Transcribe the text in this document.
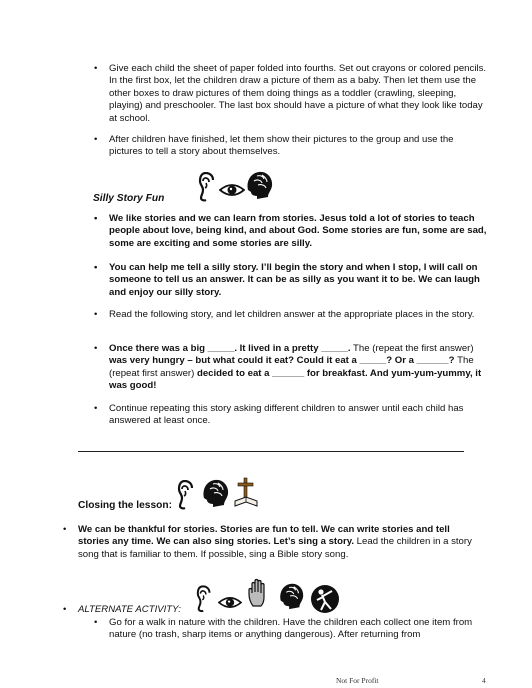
• Give each child the sheet of paper folded into fourths. Set out crayons or colored pencils. In the first box, let the children draw a picture of them as a baby. Then let them use the other boxes to draw pictures of them doing things as a toddler (crawling, sleeping, playing) and preschooler. The last box should have a picture of what they look like today at school.
• After children have finished, let them show their pictures to the group and use the pictures to tell a story about themselves.
Silly Story Fun
• We like stories and we can learn from stories. Jesus told a lot of stories to teach people about love, being kind, and about God. Some stories are fun, some are sad, some are exciting and some stories are silly.
• You can help me tell a silly story. I’ll begin the story and when I stop, I will call on someone to tell us an answer. It can be as silly as you want it to be. We can laugh and enjoy our silly story.
• Read the following story, and let children answer at the appropriate places in the story.
• Once there was a big _____. It lived in a pretty _____. The (repeat the first answer) was very hungry – but what could it eat? Could it eat a _____? Or a ______? The (repeat first answer) decided to eat a ______ for breakfast. And yum-yum-yummy, it was good!
• Continue repeating this story asking different children to answer until each child has answered at least once.
Closing the lesson:
• We can be thankful for stories. Stories are fun to tell. We can write stories and tell stories any time. We can also sing stories. Let’s sing a story. Lead the children in a story song that is familiar to them. If possible, sing a Bible story song.
• ALTERNATE ACTIVITY:
• Go for a walk in nature with the children. Have the children each collect one item from nature (no trash, sharp items or anything dangerous). After returning from
Not For Profit	4
